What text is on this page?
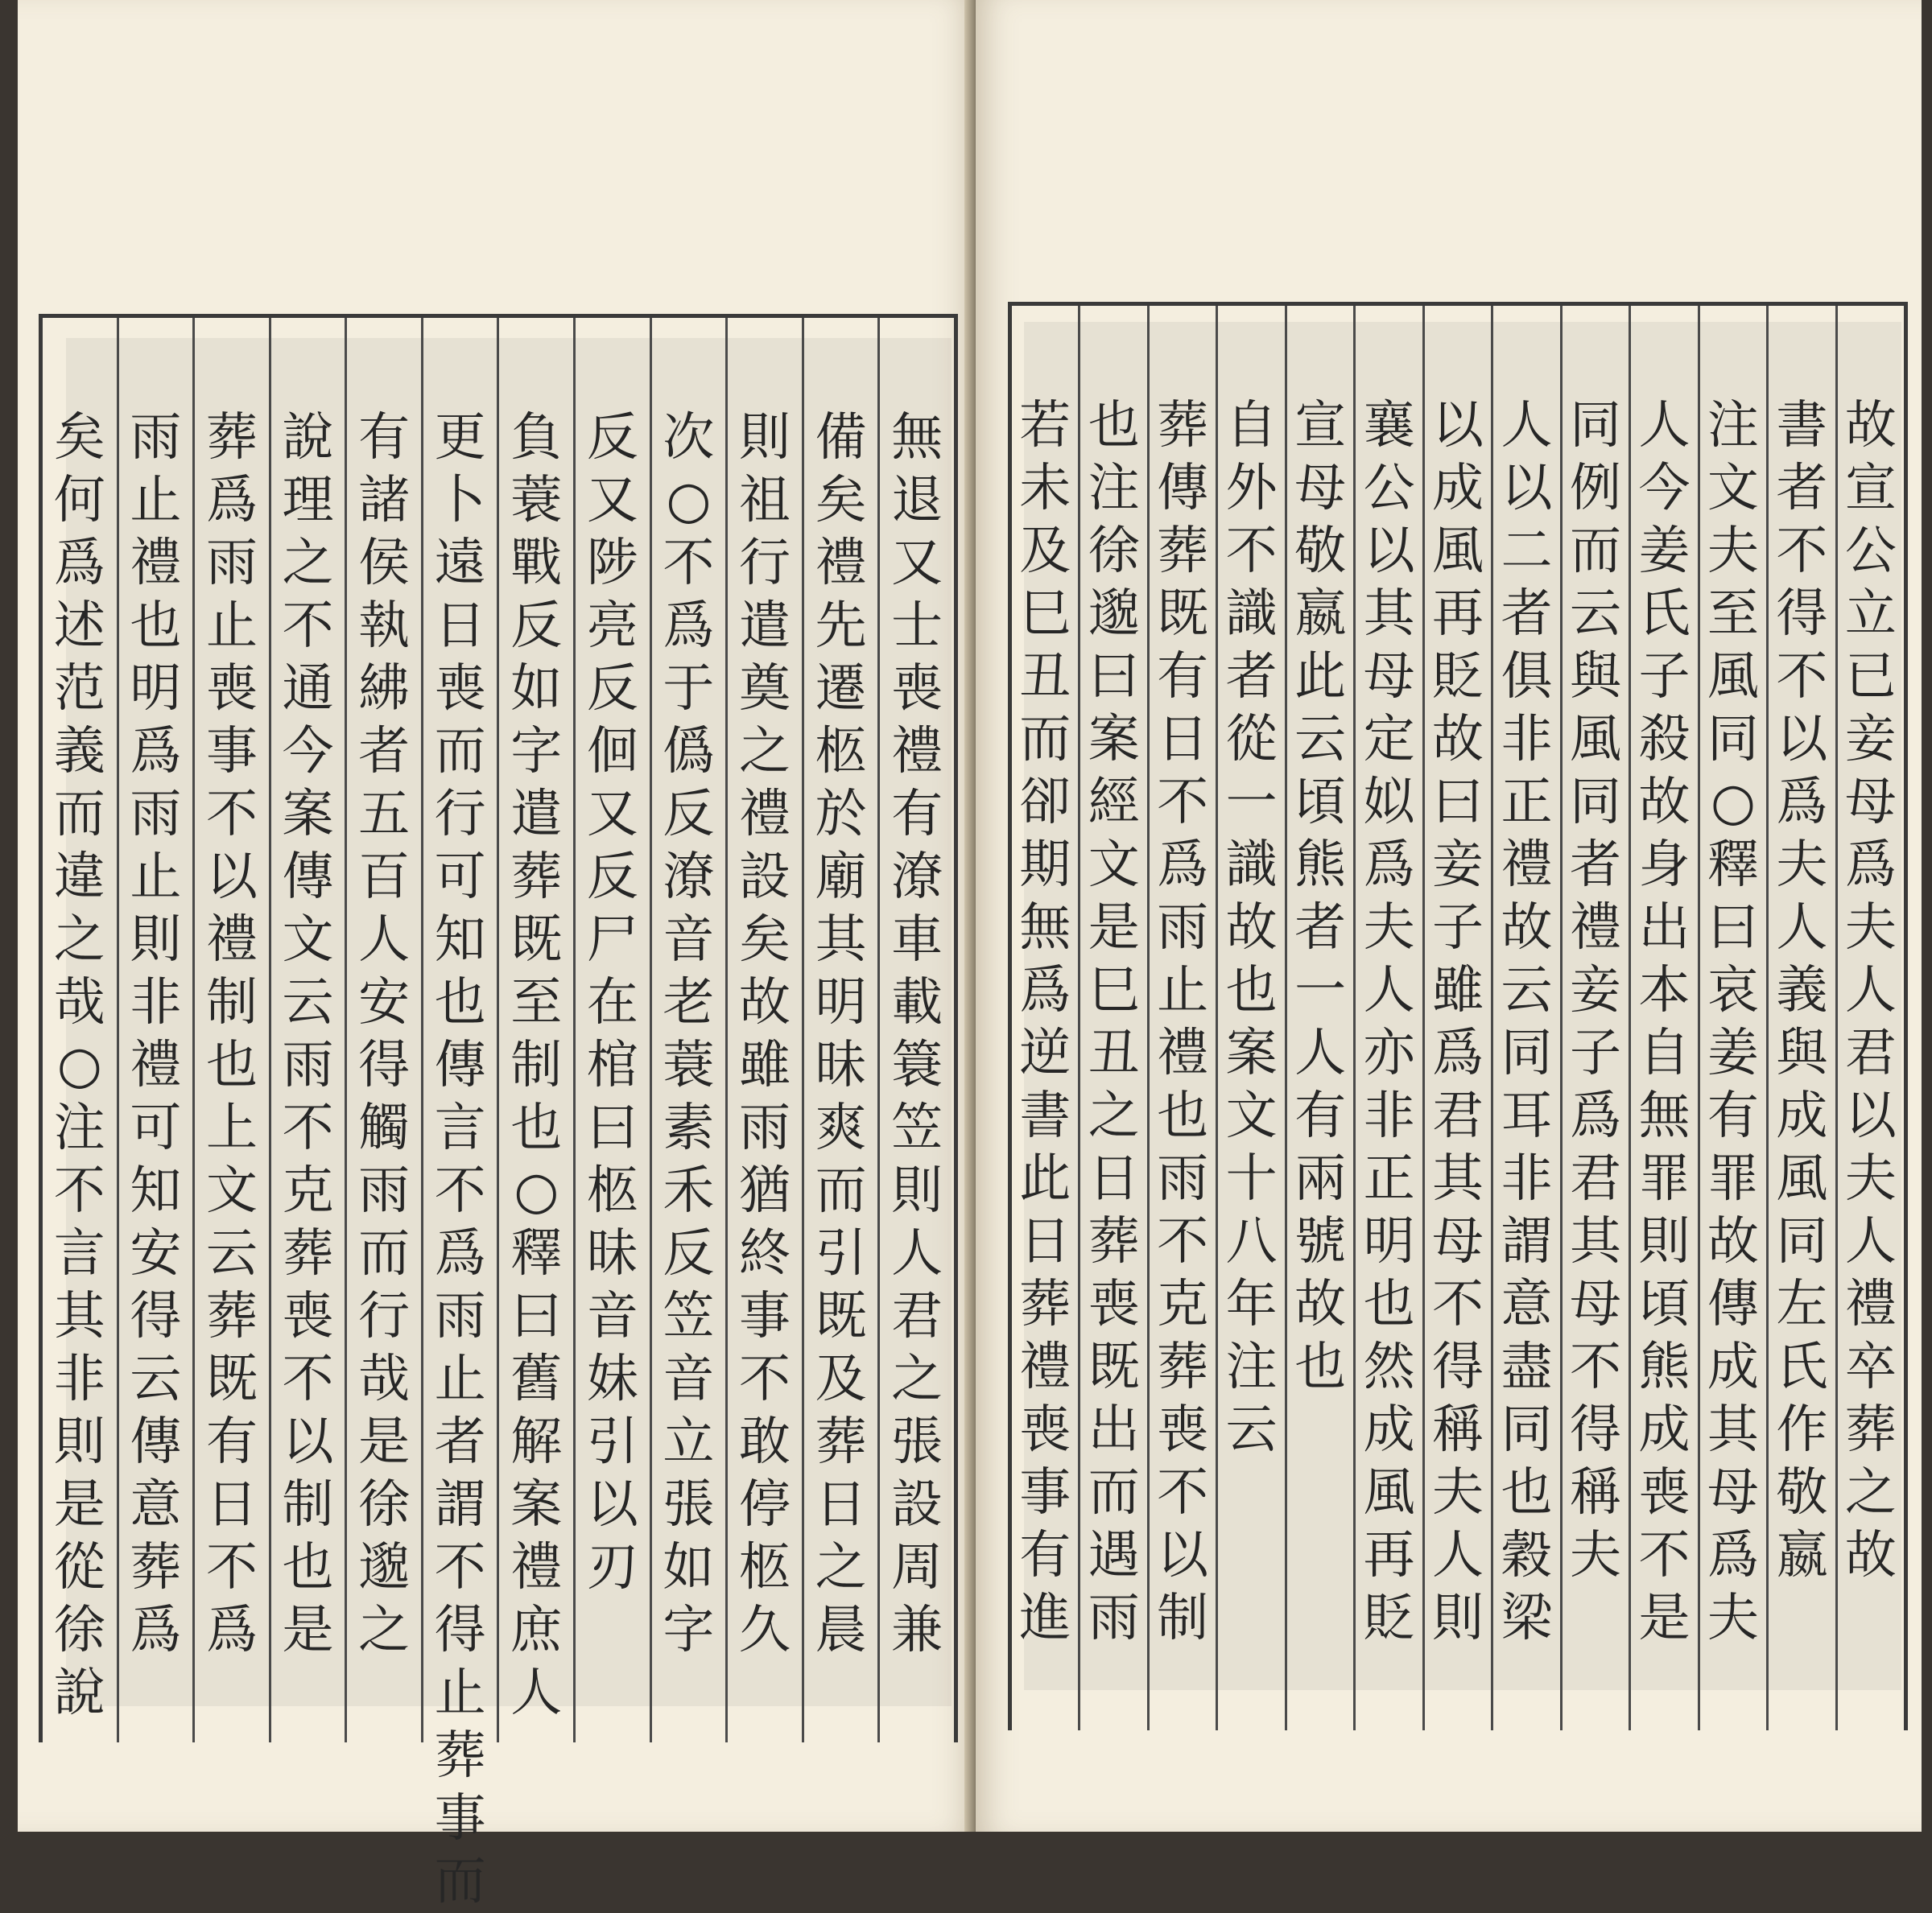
矣
何
爲
述
范
義
而
違
之
哉
○
注
不
言
其
非
則
是
從
徐
說
雨
止
禮
也
明
爲
雨
止
則
非
禮
可
知
安
得
云
傳
意
葬
爲
葬
爲
雨
止
喪
事
不
以
禮
制
也
上
文
云
葬
既
有
日
不
爲
說
理
之
不
通
今
案
傳
文
云
雨
不
克
葬
喪
不
以
制
也
是
有
諸
侯
執
紼
者
五
百
人
安
得
觸
雨
而
行
哉
是
徐
邈
之
更
卜
遠
日
喪
而
行
可
知
也
傳
言
不
爲
雨
止
者
謂
不
得
止
葬
事
而
負
蓑
戰
反
如
字
遣
葬
既
至
制
也
○
釋
曰
舊
解
案
禮
庶
人
反
又
陟
亮
反
佪
又
反
尸
在
棺
曰
柩
昧
音
妹
引
以
刃
次
○
不
爲
于
僞
反
潦
音
老
蓑
素
禾
反
笠
音
立
張
如
字
則
祖
行
遣
奠
之
禮
設
矣
故
雖
雨
猶
終
事
不
敢
停
柩
久
備
矣
禮
先
遷
柩
於
廟
其
明
昧
爽
而
引
既
及
葬
日
之
晨
無
退
又
士
喪
禮
有
潦
車
載
簑
笠
則
人
君
之
張
設
周
兼
若
未
及
巳
丑
而
卻
期
無
爲
逆
書
此
日
葬
禮
喪
事
有
進
也
注
徐
邈
曰
案
經
文
是
巳
丑
之
日
葬
喪
既
出
而
遇
雨
葬
傳
葬
既
有
日
不
爲
雨
止
禮
也
雨
不
克
葬
喪
不
以
制
自
外
不
識
者
從
一
識
故
也
案
文
十
八
年
注
云
宣
母
敬
嬴
此
云
頃
熊
者
一
人
有
兩
號
故
也
襄
公
以
其
母
定
姒
爲
夫
人
亦
非
正
明
也
然
成
風
再
貶
以
成
風
再
貶
故
曰
妾
子
雖
爲
君
其
母
不
得
稱
夫
人
則
人
以
二
者
俱
非
正
禮
故
云
同
耳
非
謂
意
盡
同
也
穀
梁
同
例
而
云
與
風
同
者
禮
妾
子
爲
君
其
母
不
得
稱
夫
人
今
姜
氏
子
殺
故
身
出
本
自
無
罪
則
頃
熊
成
喪
不
是
注
文
夫
至
風
同
○
釋
曰
哀
姜
有
罪
故
傳
成
其
母
爲
夫
書
者
不
得
不
以
爲
夫
人
義
與
成
風
同
左
氏
作
敬
嬴
故
宣
公
立
已
妾
母
爲
夫
人
君
以
夫
人
禮
卒
葬
之
故
